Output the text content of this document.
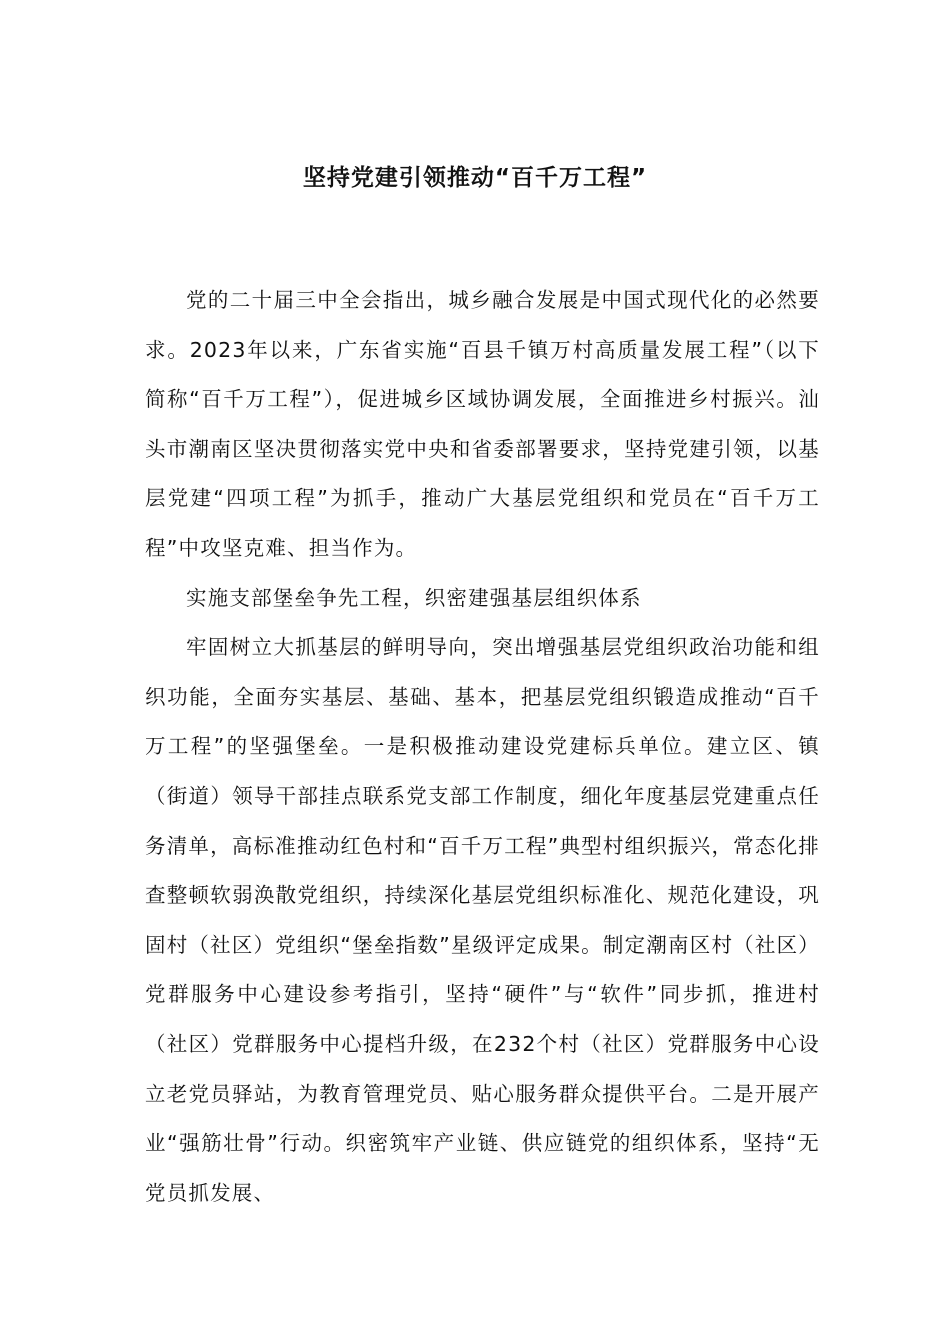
坚持党建引领推动“百千万工程”

党的二十届三中全会指出，城乡融合发展是中国式现代化的必然要求。2023年以来，广东省实施“百县千镇万村高质量发展工程”（以下简称“百千万工程”），促进城乡区域协调发展，全面推进乡村振兴。汕头市潮南区坚决贯彻落实党中央和省委部署要求，坚持党建引领，以基层党建“四项工程”为抓手，推动广大基层党组织和党员在“百千万工程”中攻坚克难、担当作为。

实施支部堡垒争先工程，织密建强基层组织体系

牢固树立大抓基层的鲜明导向，突出增强基层党组织政治功能和组织功能，全面夯实基层、基础、基本，把基层党组织锻造成推动“百千万工程”的坚强堡垒。一是积极推动建设党建标兵单位。建立区、镇（街道）领导干部挂点联系党支部工作制度，细化年度基层党建重点任务清单，高标准推动红色村和“百千万工程”典型村组织振兴，常态化排查整顿软弱涣散党组织，持续深化基层党组织标准化、规范化建设，巩固村（社区）党组织“堡垒指数”星级评定成果。制定潮南区村（社区）党群服务中心建设参考指引，坚持“硬件”与“软件”同步抓，推进村（社区）党群服务中心提档升级，在232个村（社区）党群服务中心设立老党员驿站，为教育管理党员、贴心服务群众提供平台。二是开展产业“强筋壮骨”行动。织密筑牢产业链、供应链党的组织体系，坚持“无党员抓发展、
